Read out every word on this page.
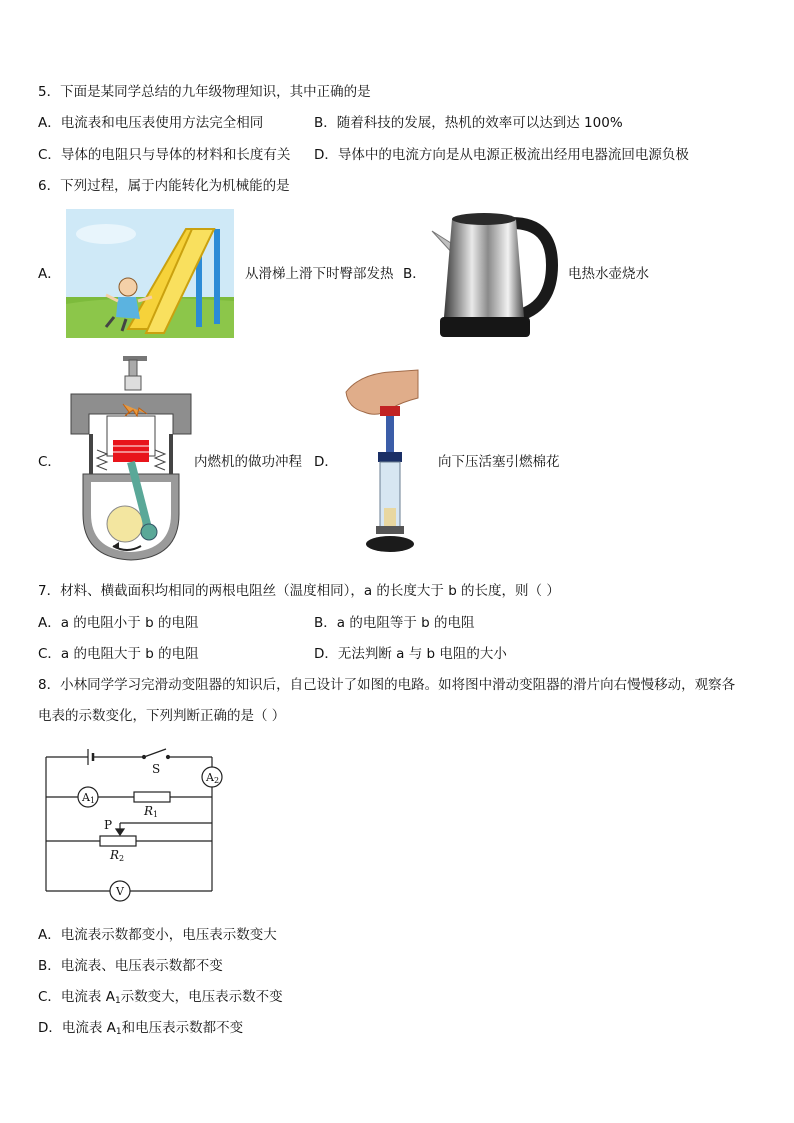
5．下面是某同学总结的九年级物理知识，其中正确的是
A．电流表和电压表使用方法完全相同	B．随着科技的发展，热机的效率可以达到达 100%
C．导体的电阻只与导体的材料和长度有关 D．导体中的电流方向是从电源正极流出经用电器流回电源负极
6．下列过程，属于内能转化为机械能的是
A．	从滑梯上滑下时臀部发热 B．	电热水壶烧水
C．	内燃机的做功冲程 D．	向下压活塞引燃棉花
7．材料、横截面积均相同的两根电阻丝（温度相同），a 的长度大于 b 的长度，则（ ）
A．a 的电阻小于 b 的电阻	B．a 的电阻等于 b 的电阻
C．a 的电阻大于 b 的电阻	D．无法判断 a 与 b 电阻的大小
8．小林同学学习完滑动变阻器的知识后，自己设计了如图的电路。如将图中滑动变阻器的滑片向右慢慢移动，观察各
电表的示数变化，下列判断正确的是（ ）
S
A2
A1
R1
P
R2
V
A．电流表示数都变小，电压表示数变大
B．电流表、电压表示数都不变
C．电流表 $A_1$示数变大，电压表示数不变
D．电流表 $A_1$和电压表示数都不变
